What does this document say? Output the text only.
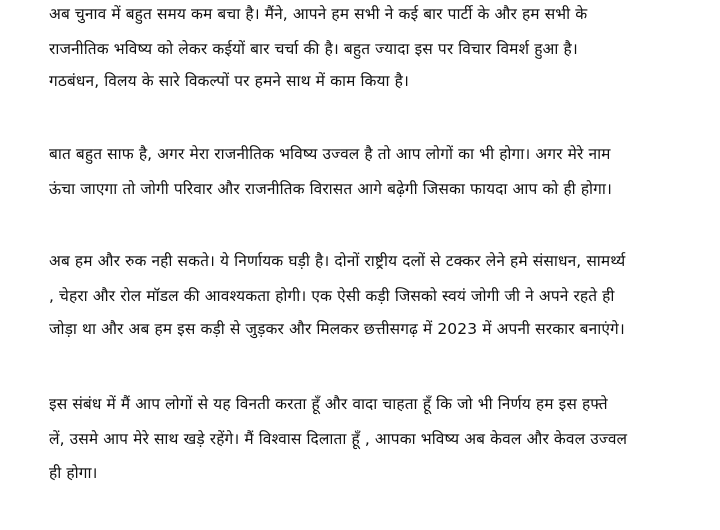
अब चुनाव में बहुत समय कम बचा है। मैंने, आपने हम सभी ने कई बार पार्टी के और हम सभी के
राजनीतिक भविष्य को लेकर कईयों बार चर्चा की है। बहुत ज्यादा इस पर विचार विमर्श हुआ है।
गठबंधन, विलय के सारे विकल्पों पर हमने साथ में काम किया है।
बात बहुत साफ है, अगर मेरा राजनीतिक भविष्य उज्वल है तो आप लोगों का भी होगा। अगर मेरे नाम
ऊंचा जाएगा तो जोगी परिवार और राजनीतिक विरासत आगे बढ़ेगी जिसका फायदा आप को ही होगा।
अब हम और रुक नही सकते। ये निर्णायक घड़ी है। दोनों राष्ट्रीय दलों से टक्कर लेने हमे संसाधन, सामर्थ्य
, चेहरा और रोल मॉडल की आवश्यकता होगी। एक ऐसी कड़ी जिसको स्वयं जोगी जी ने अपने रहते ही
जोड़ा था और अब हम इस कड़ी से जुड़कर और मिलकर छत्तीसगढ़ में 2023 में अपनी सरकार बनाएंगे।
इस संबंध में मैं आप लोगों से यह विनती करता हूँ और वादा चाहता हूँ कि जो भी निर्णय हम इस हफ्ते
लें, उसमे आप मेरे साथ खड़े रहेंगे। मैं विश्वास दिलाता हूँ , आपका भविष्य अब केवल और केवल उज्वल
ही होगा।
